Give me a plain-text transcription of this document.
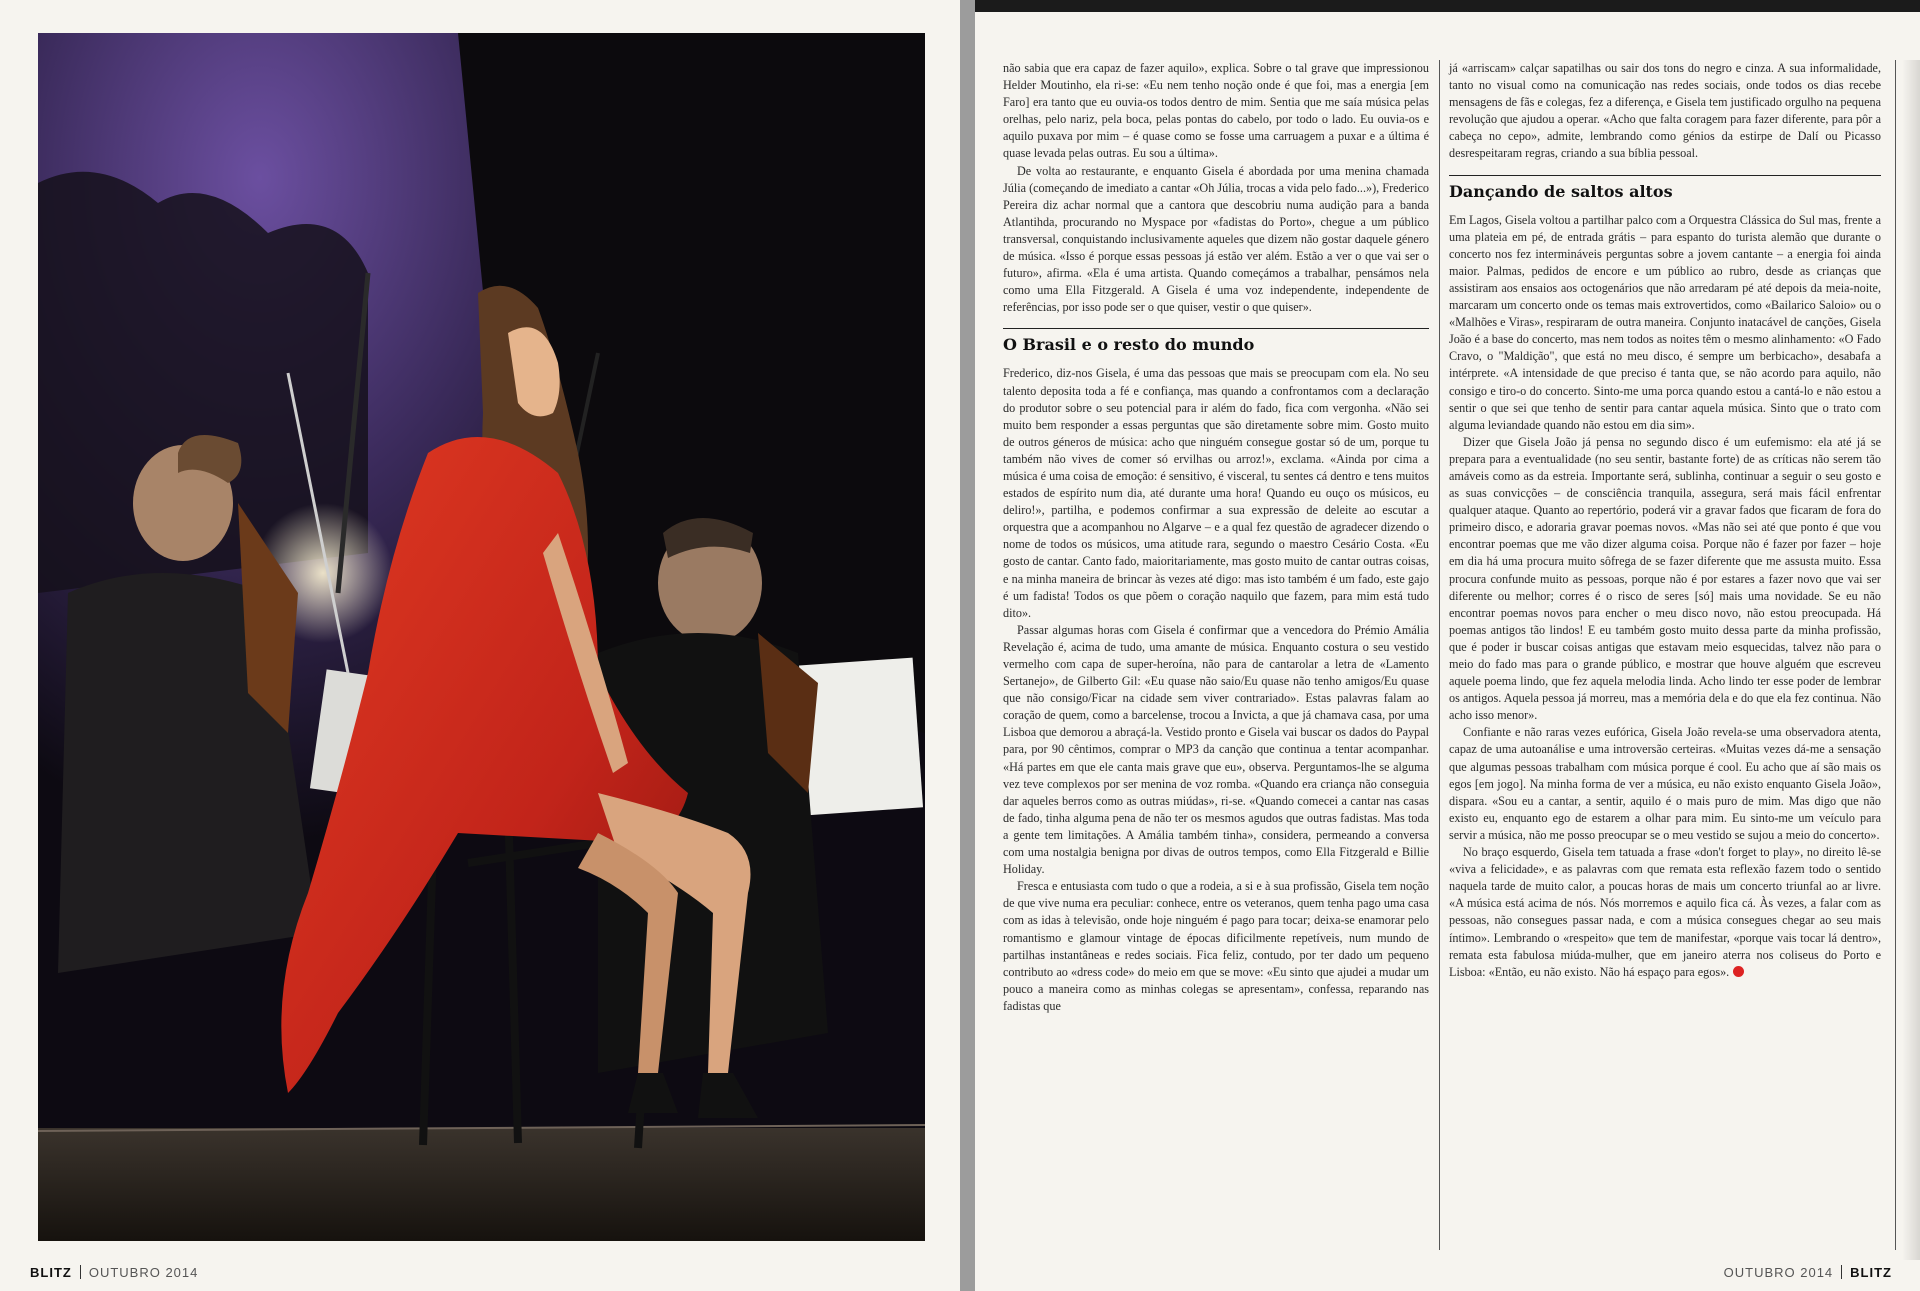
BLITZ OUTUBRO 2014

não sabia que era capaz de fazer aquilo», explica. Sobre o tal grave que impressionou Helder Moutinho, ela ri-se: «Eu nem tenho noção onde é que foi, mas a energia [em Faro] era tanto que eu ouvia-os todos dentro de mim. Sentia que me saía música pelas orelhas, pelo nariz, pela boca, pelas pontas do cabelo, por todo o lado. Eu ouvia-os e aquilo puxava por mim – é quase como se fosse uma carruagem a puxar e a última é quase levada pelas outras. Eu sou a última».

De volta ao restaurante, e enquanto Gisela é abordada por uma menina chamada Júlia (começando de imediato a cantar «Oh Júlia, trocas a vida pelo fado...»), Frederico Pereira diz achar normal que a cantora que descobriu numa audição para a banda Atlantihda, procurando no Myspace por «fadistas do Porto», chegue a um público transversal, conquistando inclusivamente aqueles que dizem não gostar daquele género de música. «Isso é porque essas pessoas já estão ver além. Estão a ver o que vai ser o futuro», afirma. «Ela é uma artista. Quando começámos a trabalhar, pensámos nela como uma Ella Fitzgerald. A Gisela é uma voz independente, independente de referências, por isso pode ser o que quiser, vestir o que quiser».

O Brasil e o resto do mundo

Frederico, diz-nos Gisela, é uma das pessoas que mais se preocupam com ela. No seu talento deposita toda a fé e confiança, mas quando a confrontamos com a declaração do produtor sobre o seu potencial para ir além do fado, fica com vergonha. «Não sei muito bem responder a essas perguntas que são diretamente sobre mim. Gosto muito de outros géneros de música: acho que ninguém consegue gostar só de um, porque tu também não vives de comer só ervilhas ou arroz!», exclama. «Ainda por cima a música é uma coisa de emoção: é sensitivo, é visceral, tu sentes cá dentro e tens muitos estados de espírito num dia, até durante uma hora! Quando eu ouço os músicos, eu deliro!», partilha, e podemos confirmar a sua expressão de deleite ao escutar a orquestra que a acompanhou no Algarve – e a qual fez questão de agradecer dizendo o nome de todos os músicos, uma atitude rara, segundo o maestro Cesário Costa. «Eu gosto de cantar. Canto fado, maioritariamente, mas gosto muito de cantar outras coisas, e na minha maneira de brincar às vezes até digo: mas isto também é um fado, este gajo é um fadista! Todos os que põem o coração naquilo que fazem, para mim está tudo dito».

Passar algumas horas com Gisela é confirmar que a vencedora do Prémio Amália Revelação é, acima de tudo, uma amante de música. Enquanto costura o seu vestido vermelho com capa de super-heroína, não para de cantarolar a letra de «Lamento Sertanejo», de Gilberto Gil: «Eu quase não saio/Eu quase não tenho amigos/Eu quase que não consigo/Ficar na cidade sem viver contrariado». Estas palavras falam ao coração de quem, como a barcelense, trocou a Invicta, a que já chamava casa, por uma Lisboa que demorou a abraçá-la. Vestido pronto e Gisela vai buscar os dados do Paypal para, por 90 cêntimos, comprar o MP3 da canção que continua a tentar acompanhar. «Há partes em que ele canta mais grave que eu», observa. Perguntamos-lhe se alguma vez teve complexos por ser menina de voz romba. «Quando era criança não conseguia dar aqueles berros como as outras miúdas», ri-se. «Quando comecei a cantar nas casas de fado, tinha alguma pena de não ter os mesmos agudos que outras fadistas. Mas toda a gente tem limitações. A Amália também tinha», considera, permeando a conversa com uma nostalgia benigna por divas de outros tempos, como Ella Fitzgerald e Billie Holiday.

Fresca e entusiasta com tudo o que a rodeia, a si e à sua profissão, Gisela tem noção de que vive numa era peculiar: conhece, entre os veteranos, quem tenha pago uma casa com as idas à televisão, onde hoje ninguém é pago para tocar; deixa-se enamorar pelo romantismo e glamour vintage de épocas dificilmente repetíveis, num mundo de partilhas instantâneas e redes sociais. Fica feliz, contudo, por ter dado um pequeno contributo ao «dress code» do meio em que se move: «Eu sinto que ajudei a mudar um pouco a maneira como as minhas colegas se apresentam», confessa, reparando nas fadistas que

já «arriscam» calçar sapatilhas ou sair dos tons do negro e cinza. A sua informalidade, tanto no visual como na comunicação nas redes sociais, onde todos os dias recebe mensagens de fãs e colegas, fez a diferença, e Gisela tem justificado orgulho na pequena revolução que ajudou a operar. «Acho que falta coragem para fazer diferente, para pôr a cabeça no cepo», admite, lembrando como génios da estirpe de Dalí ou Picasso desrespeitaram regras, criando a sua bíblia pessoal.

Dançando de saltos altos

Em Lagos, Gisela voltou a partilhar palco com a Orquestra Clássica do Sul mas, frente a uma plateia em pé, de entrada grátis – para espanto do turista alemão que durante o concerto nos fez intermináveis perguntas sobre a jovem cantante – a energia foi ainda maior. Palmas, pedidos de encore e um público ao rubro, desde as crianças que assistiram aos ensaios aos octogenários que não arredaram pé até depois da meia-noite, marcaram um concerto onde os temas mais extrovertidos, como «Bailarico Saloio» ou o «Malhões e Viras», respiraram de outra maneira. Conjunto inatacável de canções, Gisela João é a base do concerto, mas nem todos as noites têm o mesmo alinhamento: «O Fado Cravo, o "Maldição", que está no meu disco, é sempre um berbicacho», desabafa a intérprete. «A intensidade de que preciso é tanta que, se não acordo para aquilo, não consigo e tiro-o do concerto. Sinto-me uma porca quando estou a cantá-lo e não estou a sentir o que sei que tenho de sentir para cantar aquela música. Sinto que o trato com alguma leviandade quando não estou em dia sim».

Dizer que Gisela João já pensa no segundo disco é um eufemismo: ela até já se prepara para a eventualidade (no seu sentir, bastante forte) de as críticas não serem tão amáveis como as da estreia. Importante será, sublinha, continuar a seguir o seu gosto e as suas convicções – de consciência tranquila, assegura, será mais fácil enfrentar qualquer ataque. Quanto ao repertório, poderá vir a gravar fados que ficaram de fora do primeiro disco, e adoraria gravar poemas novos. «Mas não sei até que ponto é que vou encontrar poemas que me vão dizer alguma coisa. Porque não é fazer por fazer – hoje em dia há uma procura muito sôfrega de se fazer diferente que me assusta muito. Essa procura confunde muito as pessoas, porque não é por estares a fazer novo que vai ser diferente ou melhor; corres é o risco de seres [só] mais uma novidade. Se eu não encontrar poemas novos para encher o meu disco novo, não estou preocupada. Há poemas antigos tão lindos! E eu também gosto muito dessa parte da minha profissão, que é poder ir buscar coisas antigas que estavam meio esquecidas, talvez não para o meio do fado mas para o grande público, e mostrar que houve alguém que escreveu aquele poema lindo, que fez aquela melodia linda. Acho lindo ter esse poder de lembrar os antigos. Aquela pessoa já morreu, mas a memória dela e do que ela fez continua. Não acho isso menor».

Confiante e não raras vezes eufórica, Gisela João revela-se uma observadora atenta, capaz de uma autoanálise e uma introversão certeiras. «Muitas vezes dá-me a sensação que algumas pessoas trabalham com música porque é cool. Eu acho que aí são mais os egos [em jogo]. Na minha forma de ver a música, eu não existo enquanto Gisela João», dispara. «Sou eu a cantar, a sentir, aquilo é o mais puro de mim. Mas digo que não existo eu, enquanto ego de estarem a olhar para mim. Eu sinto-me um veículo para servir a música, não me posso preocupar se o meu vestido se sujou a meio do concerto».

No braço esquerdo, Gisela tem tatuada a frase «don't forget to play», no direito lê-se «viva a felicidade», e as palavras com que remata esta reflexão fazem todo o sentido naquela tarde de muito calor, a poucas horas de mais um concerto triunfal ao ar livre. «A música está acima de nós. Nós morremos e aquilo fica cá. Às vezes, a falar com as pessoas, não consegues passar nada, e com a música consegues chegar ao seu mais íntimo». Lembrando o «respeito» que tem de manifestar, «porque vais tocar lá dentro», remata esta fabulosa miúda-mulher, que em janeiro aterra nos coliseus do Porto e Lisboa: «Então, eu não existo. Não há espaço para egos».

OUTUBRO 2014 BLITZ
